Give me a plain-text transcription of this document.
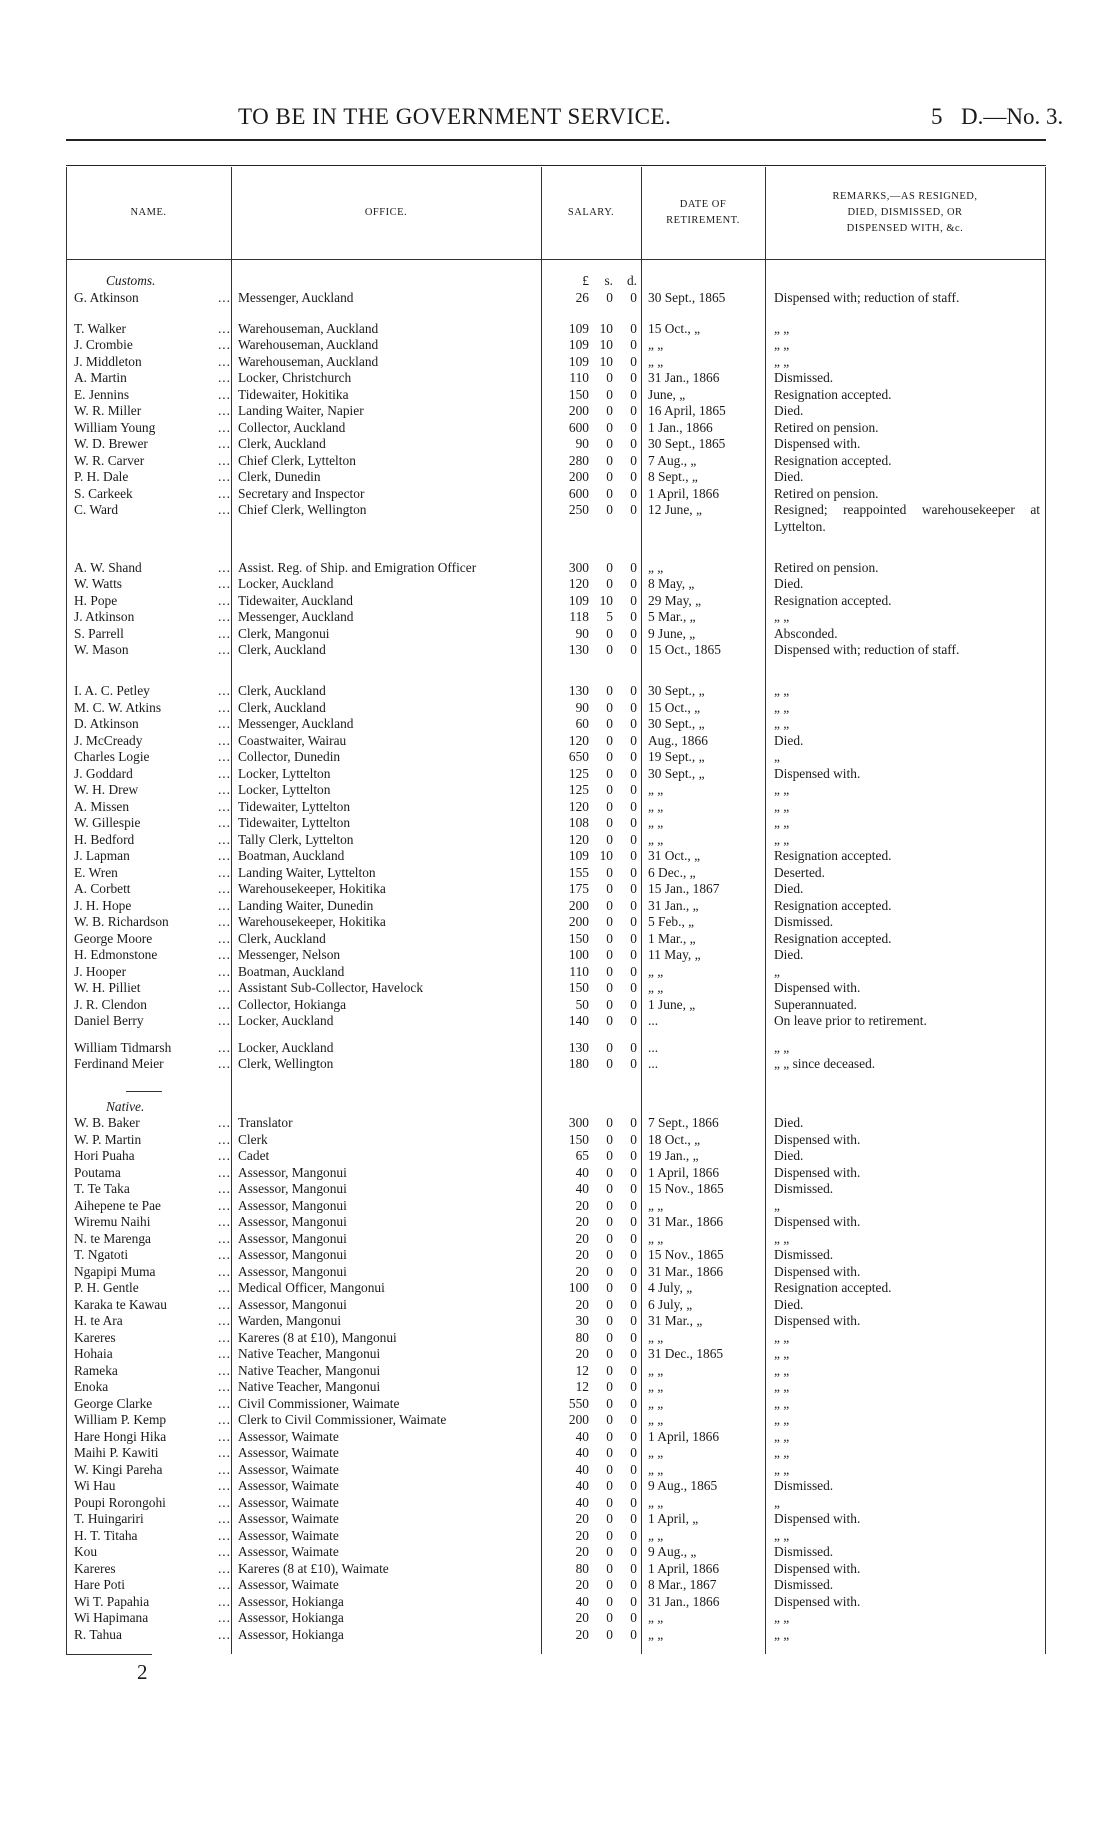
TO BE IN THE GOVERNMENT SERVICE.	5 D.—No. 3.
NAME.	OFFICE.	SALARY.
DATE OF
RETIREMENT.
REMARKS,—AS RESIGNED,
DIED, DISMISSED, OR
DISPENSED WITH, &c.
Customs.	£	s.	d.
G. Atkinson	... Messenger, Auckland	26	0	0 30 Sept., 1865	Dispensed with; reduction of staff.
T. Walker	... Warehouseman, Auckland	109 10	0 15 Oct., „	„ „
J. Crombie	... Warehouseman, Auckland	109 10	0 „ „	„ „
J. Middleton	... Warehouseman, Auckland	109 10	0 „ „	„ „
A. Martin	... Locker, Christchurch	110	0	0 31 Jan., 1866	Dismissed.
E. Jennins	... Tidewaiter, Hokitika	150	0	0 June, „	Resignation accepted.
W. R. Miller	... Landing Waiter, Napier	200	0	0 16 April, 1865	Died.
William Young	... Collector, Auckland	600	0	0 1 Jan., 1866	Retired on pension.
W. D. Brewer	... Clerk, Auckland	90	0	0 30 Sept., 1865	Dispensed with.
W. R. Carver	... Chief Clerk, Lyttelton	280	0	0 7 Aug., „	Resignation accepted.
P. H. Dale	... Clerk, Dunedin	200	0	0 8 Sept., „	Died.
S. Carkeek	... Secretary and Inspector	600	0	0 1 April, 1866	Retired on pension.
C. Ward	... Chief Clerk, Wellington	250	0	0 12 June, „	Resigned; reappointed warehousekeeper at Lyttelton.
A. W. Shand	... Assist. Reg. of Ship. and Emigration Officer	300	0	0 „ „	Retired on pension.
W. Watts	... Locker, Auckland	120	0	0 8 May, „	Died.
H. Pope	... Tidewaiter, Auckland	109 10	0 29 May, „	Resignation accepted.
J. Atkinson	... Messenger, Auckland	118	5	0 5 Mar., „	„ „
S. Parrell	... Clerk, Mangonui	90	0	0 9 June, „	Absconded.
W. Mason	... Clerk, Auckland	130	0	0 15 Oct., 1865	Dispensed with; reduction of staff.
I. A. C. Petley	... Clerk, Auckland	130	0	0 30 Sept., „	„ „
M. C. W. Atkins	... Clerk, Auckland	90	0	0 15 Oct., „	„ „
D. Atkinson	... Messenger, Auckland	60	0	0 30 Sept., „	„ „
J. McCready	... Coastwaiter, Wairau	120	0	0 Aug., 1866	Died.
Charles Logie	... Collector, Dunedin	650	0	0 19 Sept., „	„
J. Goddard	... Locker, Lyttelton	125	0	0 30 Sept., „	Dispensed with.
W. H. Drew	... Locker, Lyttelton	125	0	0 „ „	„ „
A. Missen	... Tidewaiter, Lyttelton	120	0	0 „ „	„ „
W. Gillespie	... Tidewaiter, Lyttelton	108	0	0 „ „	„ „
H. Bedford	... Tally Clerk, Lyttelton	120	0	0 „ „	„ „
J. Lapman	... Boatman, Auckland	109 10	0 31 Oct., „	Resignation accepted.
E. Wren	... Landing Waiter, Lyttelton	155	0	0 6 Dec., „	Deserted.
A. Corbett	... Warehousekeeper, Hokitika	175	0	0 15 Jan., 1867	Died.
J. H. Hope	... Landing Waiter, Dunedin	200	0	0 31 Jan., „	Resignation accepted.
W. B. Richardson	... Warehousekeeper, Hokitika	200	0	0 5 Feb., „	Dismissed.
George Moore	... Clerk, Auckland	150	0	0 1 Mar., „	Resignation accepted.
H. Edmonstone	... Messenger, Nelson	100	0	0 11 May, „	Died.
J. Hooper	... Boatman, Auckland	110	0	0 „ „	„
W. H. Pilliet	... Assistant Sub-Collector, Havelock	150	0	0 „ „	Dispensed with.
J. R. Clendon	... Collector, Hokianga	50	0	0 1 June, „	Superannuated.
Daniel Berry	... Locker, Auckland	140	0	0 ...	On leave prior to retirement.
William Tidmarsh	... Locker, Auckland	130	0	0 ...	„ „
Ferdinand Meier	... Clerk, Wellington	180	0	0 ...	„ „ since deceased.
Native.
W. B. Baker	... Translator	300	0	0 7 Sept., 1866	Died.
W. P. Martin	... Clerk	150	0	0 18 Oct., „	Dispensed with.
Hori Puaha	... Cadet	65	0	0 19 Jan., „	Died.
Poutama	... Assessor, Mangonui	40	0	0 1 April, 1866	Dispensed with.
T. Te Taka	... Assessor, Mangonui	40	0	0 15 Nov., 1865	Dismissed.
Aihepene te Pae	... Assessor, Mangonui	20	0	0 „ „	„
Wiremu Naihi	... Assessor, Mangonui	20	0	0 31 Mar., 1866	Dispensed with.
N. te Marenga	... Assessor, Mangonui	20	0	0 „ „	„ „
T. Ngatoti	... Assessor, Mangonui	20	0	0 15 Nov., 1865	Dismissed.
Ngapipi Muma	... Assessor, Mangonui	20	0	0 31 Mar., 1866	Dispensed with.
P. H. Gentle	... Medical Officer, Mangonui	100	0	0 4 July, „	Resignation accepted.
Karaka te Kawau	... Assessor, Mangonui	20	0	0 6 July, „	Died.
H. te Ara	... Warden, Mangonui	30	0	0 31 Mar., „	Dispensed with.
Kareres	... Kareres (8 at £10), Mangonui	80	0	0 „ „	„ „
Hohaia	... Native Teacher, Mangonui	20	0	0 31 Dec., 1865	„ „
Rameka	... Native Teacher, Mangonui	12	0	0 „ „	„ „
Enoka	... Native Teacher, Mangonui	12	0	0 „ „	„ „
George Clarke	... Civil Commissioner, Waimate	550	0	0 „ „	„ „
William P. Kemp	... Clerk to Civil Commissioner, Waimate	200	0	0 „ „	„ „
Hare Hongi Hika	... Assessor, Waimate	40	0	0 1 April, 1866	„ „
Maihi P. Kawiti	... Assessor, Waimate	40	0	0 „ „	„ „
W. Kingi Pareha	... Assessor, Waimate	40	0	0 „ „	„ „
Wi Hau	... Assessor, Waimate	40	0	0 9 Aug., 1865	Dismissed.
Poupi Rorongohi	... Assessor, Waimate	40	0	0 „ „	„
T. Huingariri	... Assessor, Waimate	20	0	0 1 April, „	Dispensed with.
H. T. Titaha	... Assessor, Waimate	20	0	0 „ „	„ „
Kou	... Assessor, Waimate	20	0	0 9 Aug., „	Dismissed.
Kareres	... Kareres (8 at £10), Waimate	80	0	0 1 April, 1866	Dispensed with.
Hare Poti	... Assessor, Waimate	20	0	0 8 Mar., 1867	Dismissed.
Wi T. Papahia	... Assessor, Hokianga	40	0	0 31 Jan., 1866	Dispensed with.
Wi Hapimana	... Assessor, Hokianga	20	0	0 „ „	„ „
R. Tahua	... Assessor, Hokianga	20	0	0 „ „	„ „
2
